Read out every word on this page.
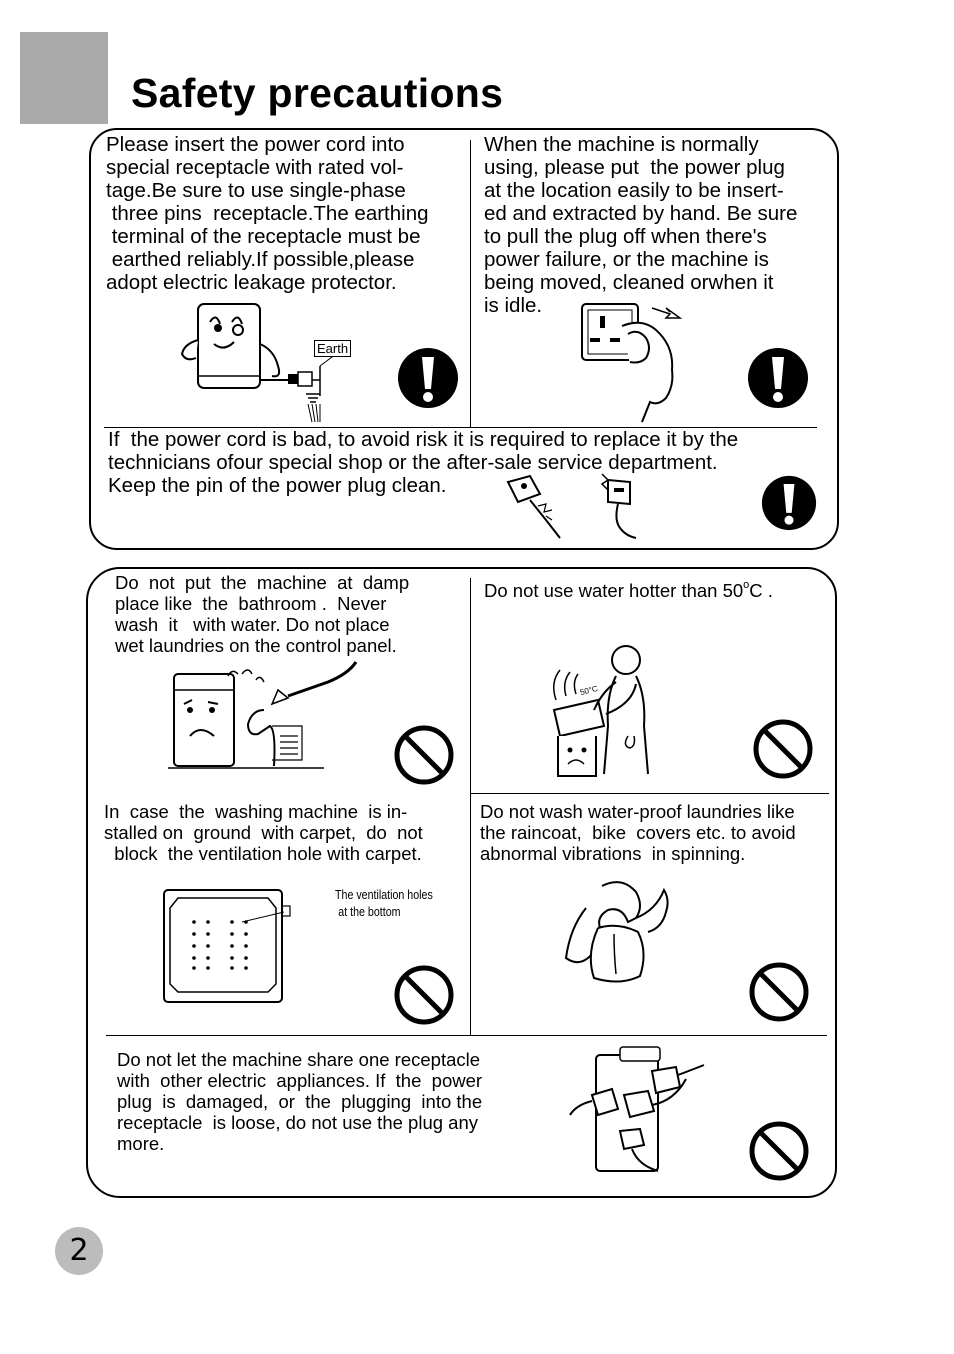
Safety precautions
Please insert the power cord into
special receptacle with rated vol-
tage.Be sure to use single-phase
three pins  receptacle.The earthing
terminal of the receptacle must be
earthed reliably.If possible,please
adopt electric leakage protector.
When the machine is normally
using, please put  the power plug
at the location easily to be insert-
ed and extracted by hand. Be sure
to pull the plug off when there's
power failure, or the machine is
being moved, cleaned orwhen it
is idle.
If  the power cord is bad, to avoid risk it is required to replace it by the
technicians ofour special shop or the after-sale service department.
Keep the pin of the power plug clean.
Earth
Do  not  put  the  machine  at  damp
place like  the  bathroom .  Never
wash  it   with water. Do not place
wet laundries on the control panel.
Do not use water hotter than 50$^o$C .
In  case  the  washing machine  is in-
stalled on  ground  with carpet,  do  not
block  the ventilation hole with carpet.
Do not wash water-proof laundries like
the raincoat,  bike  covers etc. to avoid
abnormal vibrations  in spinning.
Do not let the machine share one receptacle
with  other electric  appliances. If  the  power
plug  is  damaged,  or  the  plugging  into the
receptacle  is loose, do not use the plug any
more.
50°C
The ventilation holes
at the bottom
2
